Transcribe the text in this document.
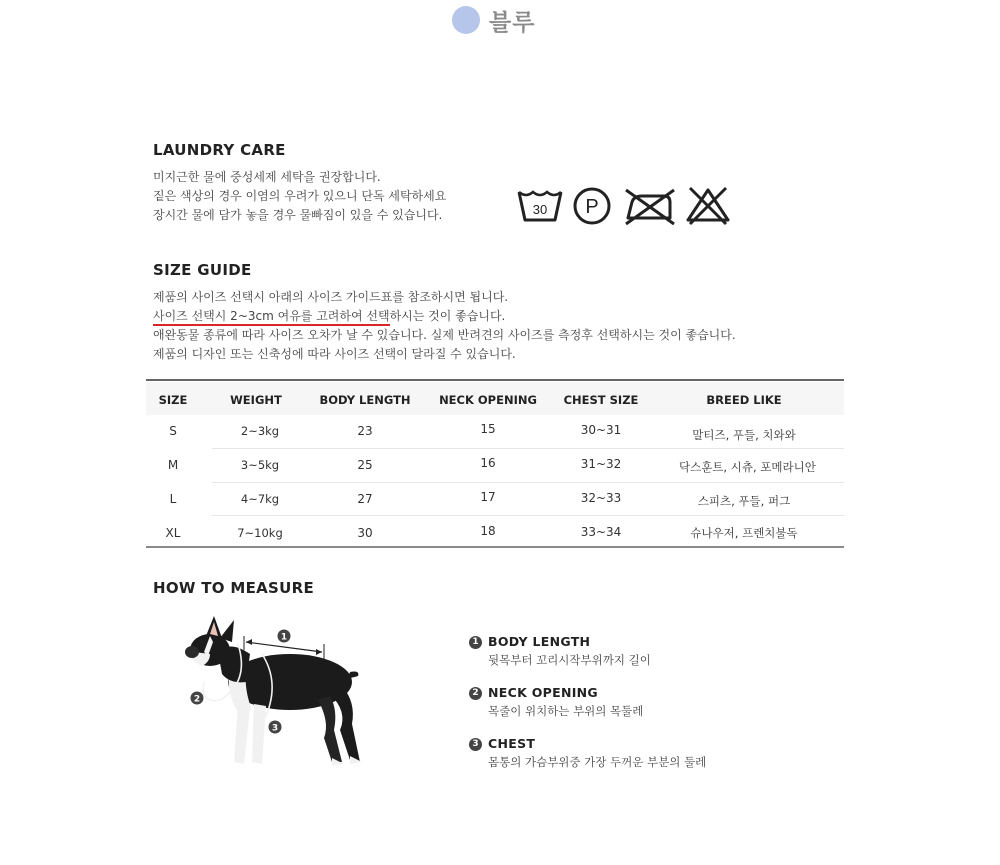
블루
LAUNDRY CARE
미지근한 물에 중성세제 세탁을 권장합니다.
짙은 색상의 경우 이염의 우려가 있으니 단독 세탁하세요
장시간 물에 담가 놓을 경우 물빠짐이 있을 수 있습니다.	30 P
SIZE GUIDE
제품의 사이즈 선택시 아래의 사이즈 가이드표를 참조하시면 됩니다.
사이즈 선택시 2~3cm 여유를 고려하여 선택하시는 것이 좋습니다.
애완동물 종류에 따라 사이즈 오차가 날 수 있습니다. 실제 반려견의 사이즈를 측정후 선택하시는 것이 좋습니다.
제품의 디자인 또는 신축성에 따라 사이즈 선택이 달라질 수 있습니다.
SIZE	WEIGHT	BODY LENGTH	NECK OPENING	CHEST SIZE	BREED LIKE
S	2~3kg	23	15	30~31	말티즈, 푸들, 치와와
M	3~5kg	25	16	31~32	닥스훈트, 시츄, 포메라니안
L	4~7kg	27	17	32~33	스피츠, 푸들, 퍼그
XL	7~10kg	30	18	33~34	슈나우저, 프렌치불독
HOW TO MEASURE
1
2
3
1 BODY LENGTH
뒷목부터 꼬리시작부위까지 길이
2 NECK OPENING
목줄이 위치하는 부위의 목둘레
3 CHEST
몸통의 가슴부위중 가장 두꺼운 부분의 둘레
